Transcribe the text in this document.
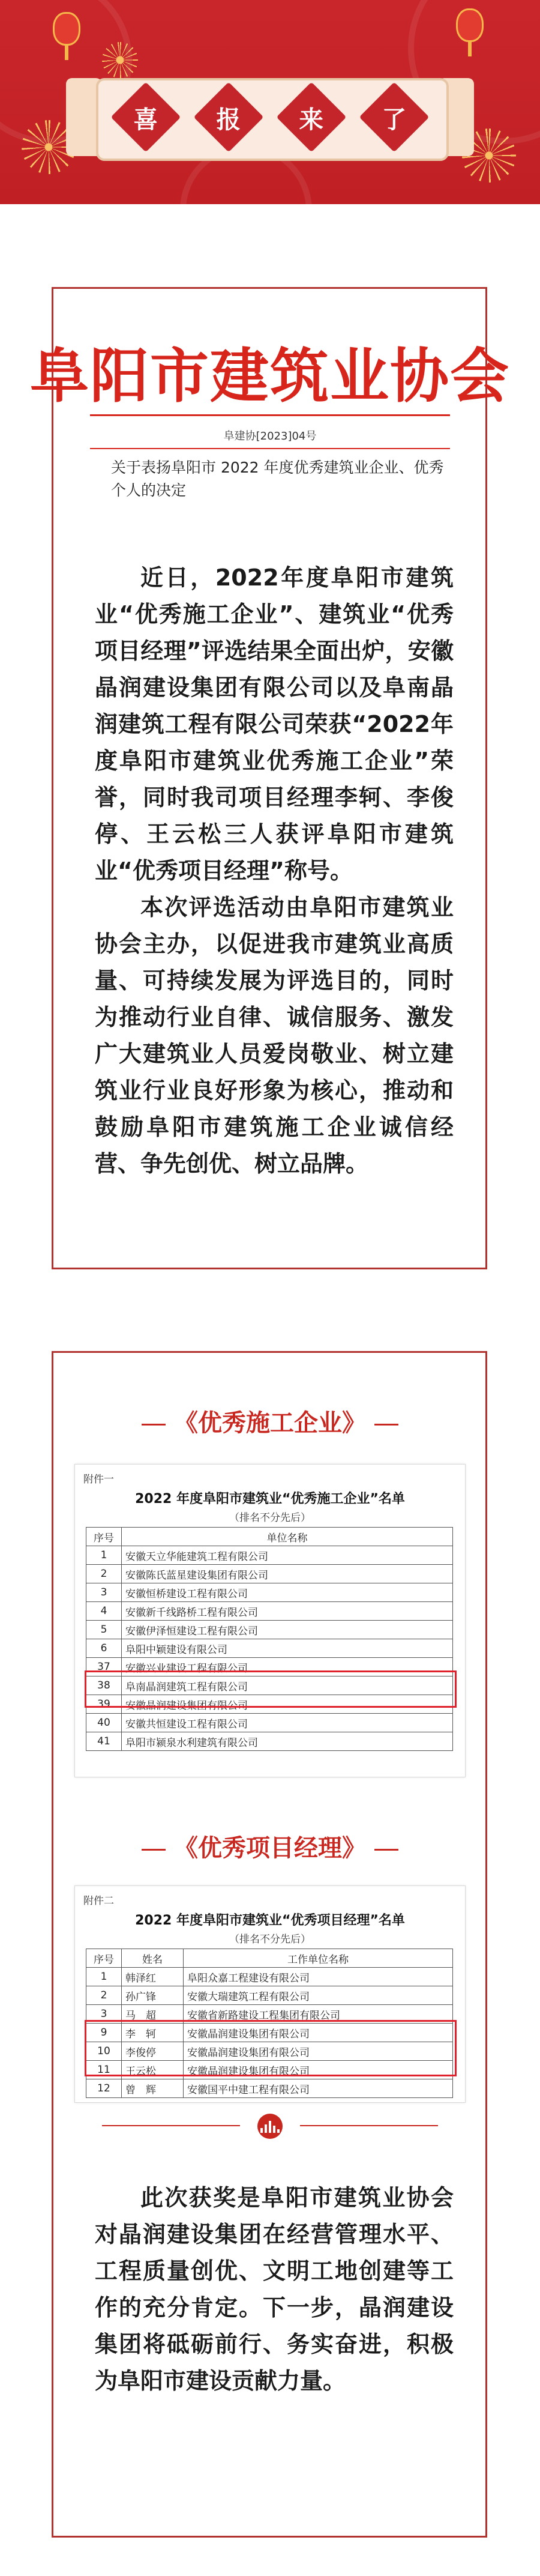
喜 报 来 了
阜阳市建筑业协会
阜建协[2023]04号
关于表扬阜阳市 2022 年度优秀建筑业企业、优秀个人的决定

近日，2022年度阜阳市建筑业“优秀施工企业”、建筑业“优秀项目经理”评选结果全面出炉，安徽晶润建设集团有限公司以及阜南晶润建筑工程有限公司荣获“2022年度阜阳市建筑业优秀施工企业”荣誉，同时我司项目经理李轲、李俊停、王云松三人获评阜阳市建筑业“优秀项目经理”称号。

本次评选活动由阜阳市建筑业协会主办，以促进我市建筑业高质量、可持续发展为评选目的，同时为推动行业自律、诚信服务、激发广大建筑业人员爱岗敬业、树立建筑业行业良好形象为核心，推动和鼓励阜阳市建筑施工企业诚信经营、争先创优、树立品牌。

《优秀施工企业》
附件一
2022 年度阜阳市建筑业“优秀施工企业”名单
（排名不分先后）
序号	单位名称
1	安徽天立华能建筑工程有限公司
2	安徽陈氏蓝星建设集团有限公司
3	安徽恒桥建设工程有限公司
4	安徽新千线路桥工程有限公司
5	安徽伊泽恒建设工程有限公司
6	阜阳中颖建设有限公司
37	安徽兴业建设工程有限公司
38	阜南晶润建筑工程有限公司
39	安徽晶润建设集团有限公司
40	安徽共恒建设工程有限公司
41	阜阳市颍泉水利建筑有限公司
《优秀项目经理》
附件二
2022 年度阜阳市建筑业“优秀项目经理”名单
（排名不分先后）
序号	姓名	工作单位名称
1	韩泽红	阜阳众嘉工程建设有限公司
2	孙广锋	安徽大瑞建筑工程有限公司
3	马　超	安徽省新路建设工程集团有限公司
9	李　轲	安徽晶润建设集团有限公司
10	李俊停	安徽晶润建设集团有限公司
11	王云松	安徽晶润建设集团有限公司
12	曾　辉	安徽国平中建工程有限公司

此次获奖是阜阳市建筑业协会对晶润建设集团在经营管理水平、工程质量创优、文明工地创建等工作的充分肯定。下一步，晶润建设集团将砥砺前行、务实奋进，积极为阜阳市建设贡献力量。
